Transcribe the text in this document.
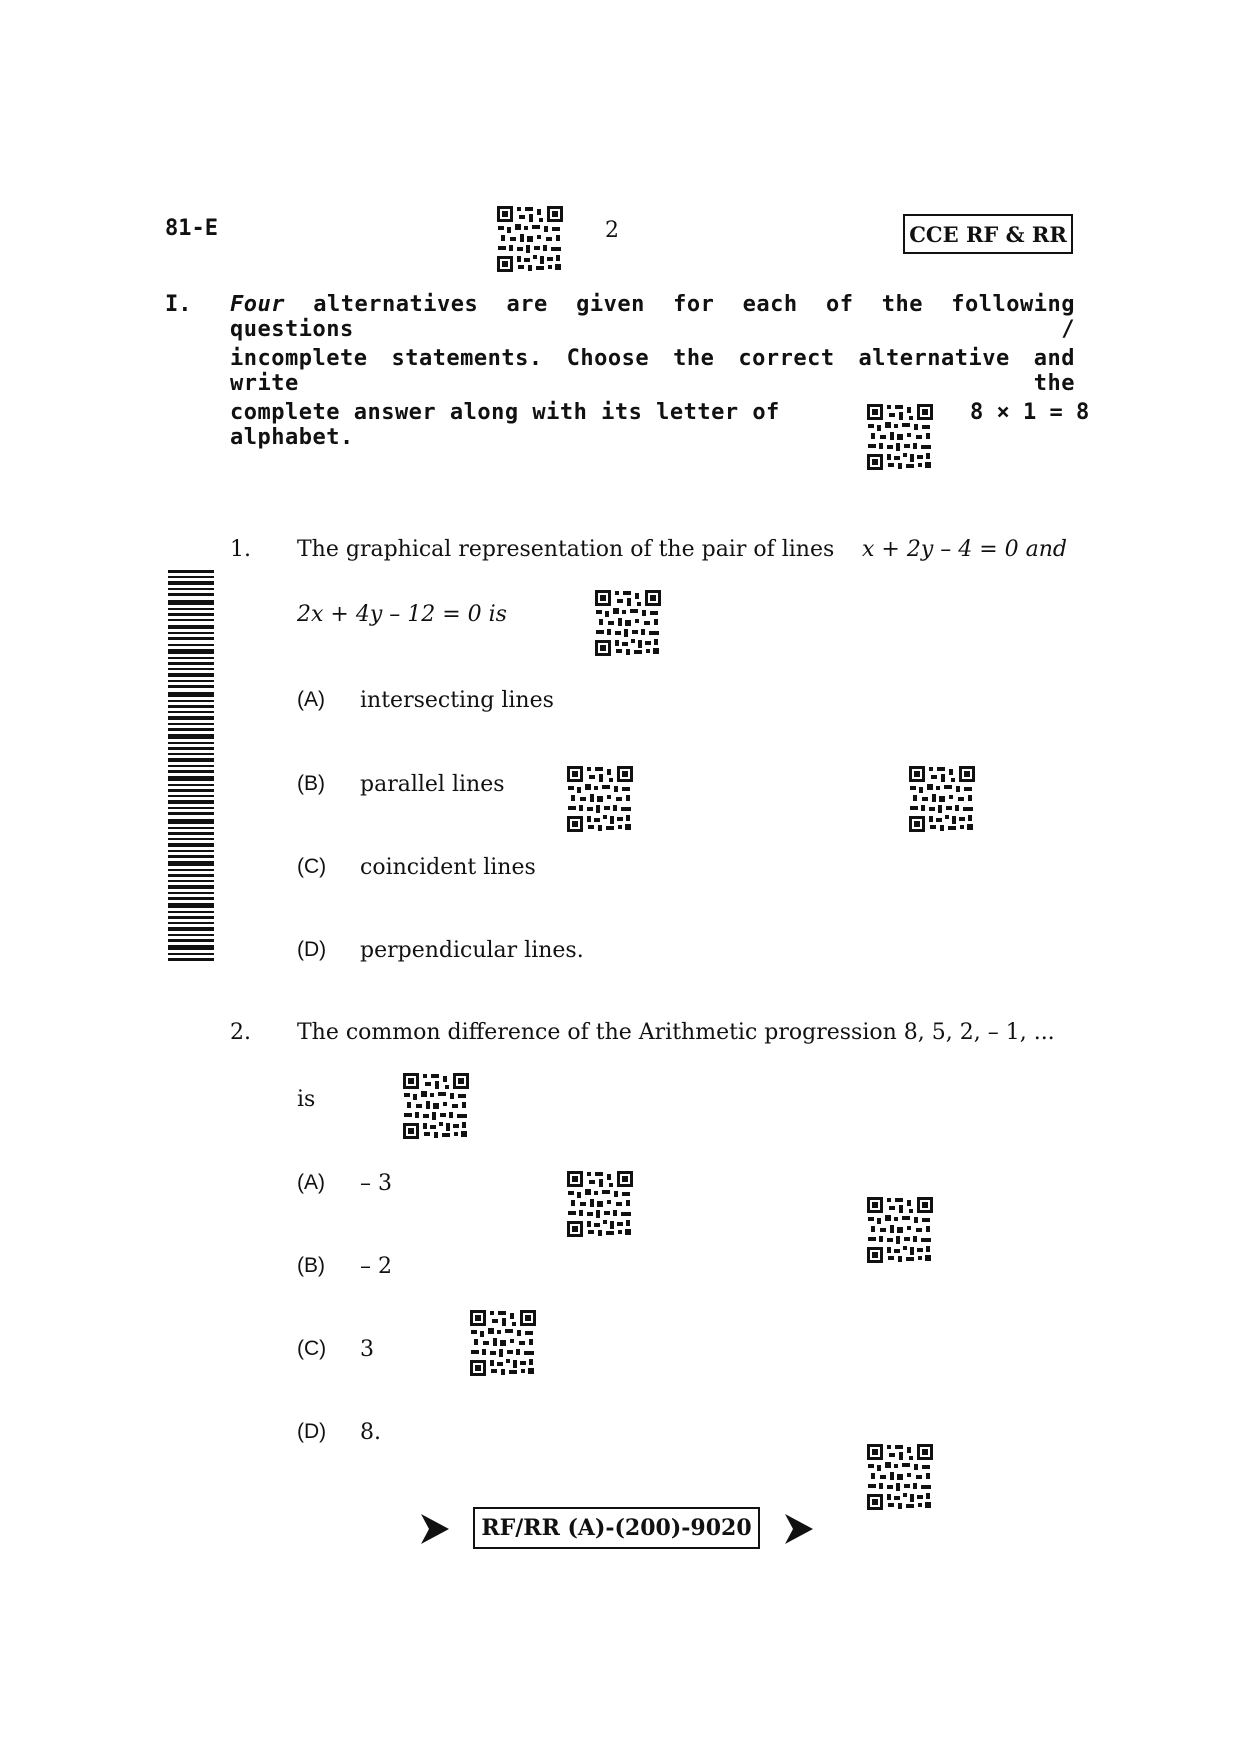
81-E	2	CCE RF & RR
I. Four alternatives are given for each of the following questions /
incomplete statements. Choose the correct alternative and write the
complete answer along with its letter of alphabet.
8 × 1 = 8
1. The graphical representation of the pair of lines x + 2y – 4 = 0 and
2x + 4y – 12 = 0 is
(A) intersecting lines
(B) parallel lines
(C) coincident lines
(D) perpendicular lines.
2. The common difference of the Arithmetic progression 8, 5, 2, – 1, ...
is
(A) – 3
(B) – 2
(C) 3
(D) 8.
RF/RR (A)-(200)-9020
